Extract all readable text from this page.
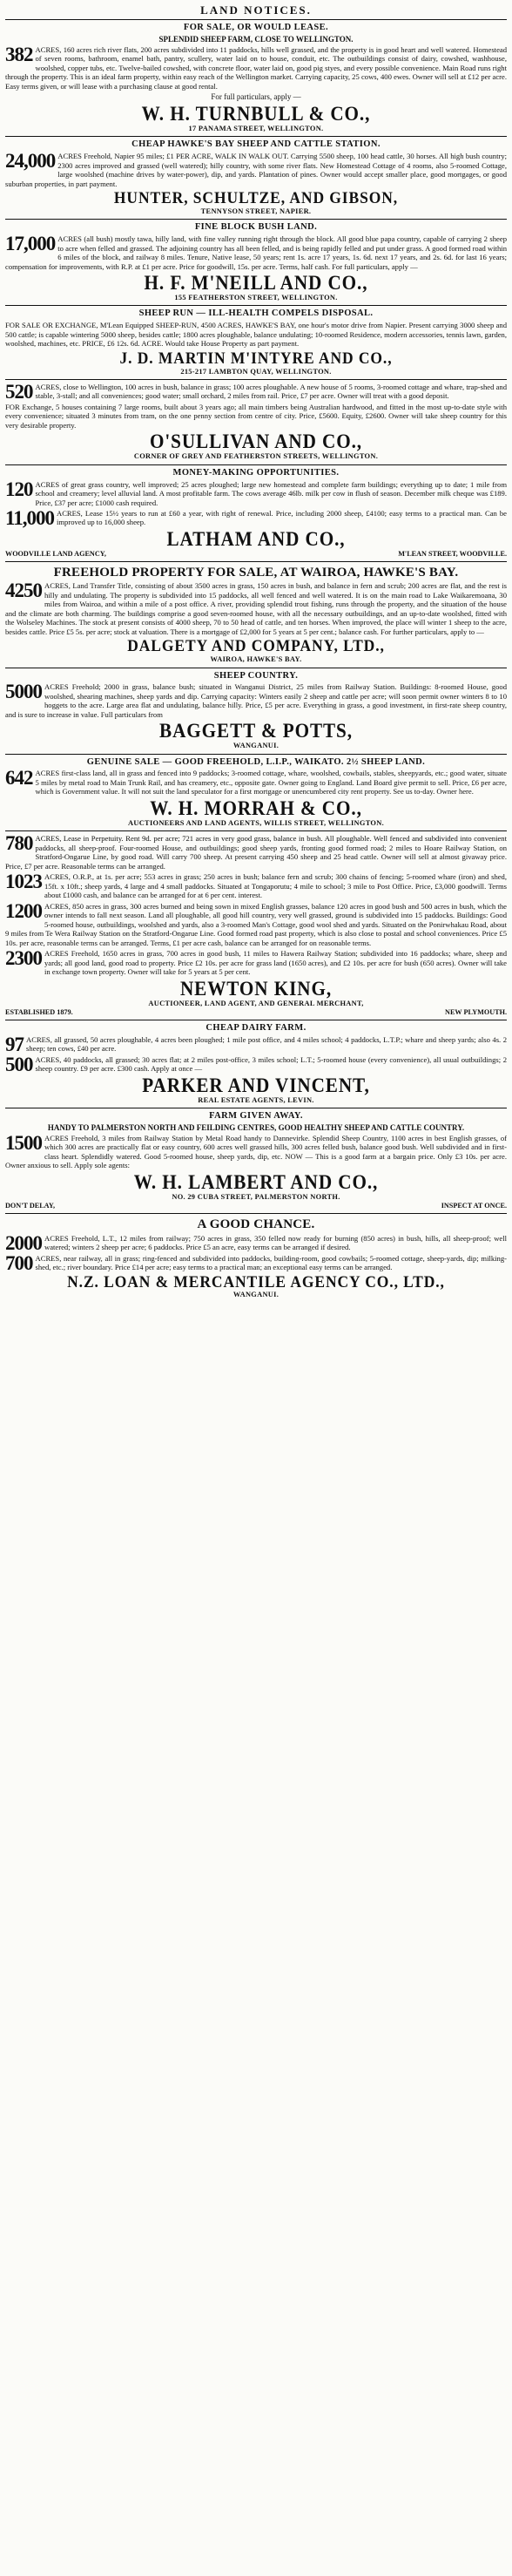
LAND NOTICES.
FOR SALE, OR WOULD LEASE.
SPLENDID SHEEP FARM, CLOSE TO WELLINGTON.
382 ACRES, 160 acres rich river flats, 200 acres subdivided into 11 paddocks, hills well grassed, and the property is in good heart and well watered. Homestead of seven rooms, bathroom, enamel bath, pantry, scullery, water laid on to house, conduit, etc. The outbuildings consist of dairy, cowshed, washhouse, woolshed, copper tubs, etc. Twelve-bailed cowshed, with concrete floor, water laid on, good pig styes, and every possible convenience. Main Road runs right through the property. This is an ideal farm property, within easy reach of the Wellington market. Carrying capacity, 25 cows, 400 ewes. Owner will sell at £12 per acre. Easy terms given, or will lease with a purchasing clause at good rental.
For full particulars, apply —
W. H. TURNBULL & CO.,
17 PANAMA STREET, WELLINGTON.
CHEAP HAWKE'S BAY SHEEP AND CATTLE STATION.
24,000 ACRES Freehold, Napier 95 miles; £1 PER ACRE, WALK IN WALK OUT. Carrying 5500 sheep, 100 head cattle, 30 horses. All high bush country; 2300 acres improved and grassed (well watered); hilly country, with some river flats. New Homestead Cottage of 4 rooms, also 5-roomed Cottage, large woolshed (machine drives by water-power), dip, and yards. Plantation of pines. Owner would accept smaller place, good mortgages, or good suburban properties, in part payment.
HUNTER, SCHULTZE, AND GIBSON,
TENNYSON STREET, NAPIER.
FINE BLOCK BUSH LAND.
17,000 ACRES (all bush) mostly tawa, hilly land, with fine valley running right through the block. All good blue papa country, capable of carrying 2 sheep to acre when felled and grassed. The adjoining country has all been felled, and is being rapidly felled and put under grass. A good formed road within 6 miles of the block, and railway 8 miles. Tenure, Native lease, 50 years; rent 1s. acre 17 years, 1s. 6d. next 17 years, and 2s. 6d. for last 16 years; compensation for improvements, with R.P. at £1 per acre. Price for goodwill, 15s. per acre. Terms, half cash. For full particulars, apply —
H. F. M'NEILL AND CO.,
155 FEATHERSTON STREET, WELLINGTON.
SHEEP RUN — ILL-HEALTH COMPELS DISPOSAL.
FOR SALE OR EXCHANGE, M'Lean Equipped SHEEP-RUN, 4500 ACRES, HAWKE'S BAY, one hour's motor drive from Napier. Present carrying 3000 sheep and 500 cattle; is capable wintering 5000 sheep, besides cattle; 1800 acres ploughable, balance undulating; 10-roomed Residence, modern accessories, tennis lawn, garden, woolshed, machines, etc. PRICE, £6 12s. 6d. ACRE. Would take House Property as part payment.
J. D. MARTIN M'INTYRE AND CO.,
215-217 LAMBTON QUAY, WELLINGTON.
520 ACRES, close to Wellington, 100 acres in bush, balance in grass; 100 acres ploughable. A new house of 5 rooms, 3-roomed cottage and whare, trap-shed and stable, 3-stall; and all conveniences; good water; small orchard, 2 miles from rail. Price, £7 per acre. Owner will treat with a good deposit.
FOR Exchange, 5 houses containing 7 large rooms, built about 3 years ago; all main timbers being Australian hardwood, and fitted in the most up-to-date style with every convenience; situated 3 minutes from tram, on the one penny section from centre of city. Price, £5600. Equity, £2600. Owner will take sheep country for this very desirable property.
O'SULLIVAN AND CO.,
CORNER OF GREY AND FEATHERSTON STREETS, WELLINGTON.
MONEY-MAKING OPPORTUNITIES.
120 ACRES of great grass country, well improved; 25 acres ploughed; large new homestead and complete farm buildings; everything up to date; 1 mile from school and creamery; level alluvial land. A most profitable farm. The cows average 46lb. milk per cow in flush of season. December milk cheque was £189. Price, £37 per acre; £1000 cash required.
11,000 ACRES, Lease 15½ years to run at £60 a year, with right of renewal. Price, including 2000 sheep, £4100; easy terms to a practical man. Can be improved up to 16,000 sheep.
LATHAM AND CO.,
WOODVILLE LAND AGENCY,	M'LEAN STREET, WOODVILLE.
FREEHOLD PROPERTY FOR SALE, AT WAIROA, HAWKE'S BAY.
4250 ACRES, Land Transfer Title, consisting of about 3500 acres in grass, 150 acres in bush, and balance in fern and scrub; 200 acres are flat, and the rest is hilly and undulating. The property is subdivided into 15 paddocks, all well fenced and well watered. It is on the main road to Lake Waikaremoana, 30 miles from Wairoa, and within a mile of a post office. A river, providing splendid trout fishing, runs through the property, and the situation of the house and the climate are both charming. The buildings comprise a good seven-roomed house, with all the necessary outbuildings, and an up-to-date woolshed, fitted with the Wolseley Machines. The stock at present consists of 4000 sheep, 70 to 50 head of cattle, and ten horses. When improved, the place will winter 1 sheep to the acre, besides cattle. Price £5 5s. per acre; stock at valuation. There is a mortgage of £2,000 for 5 years at 5 per cent.; balance cash. For further particulars, apply to —
DALGETY AND COMPANY, LTD.,
WAIROA, HAWKE'S BAY.
SHEEP COUNTRY.
5000 ACRES Freehold; 2000 in grass, balance bush; situated in Wanganui District, 25 miles from Railway Station. Buildings: 8-roomed House, good woolshed, shearing machines, sheep yards and dip. Carrying capacity: Winters easily 2 sheep and cattle per acre; will soon permit owner winters 8 to 10 hoggets to the acre. Large area flat and undulating, balance hilly. Price, £5 per acre. Everything in grass, a good investment, in first-rate sheep country, and is sure to increase in value. Full particulars from
BAGGETT & POTTS,
WANGANUI.
GENUINE SALE — GOOD FREEHOLD, L.I.P., WAIKATO. 2½ SHEEP LAND.
642 ACRES first-class land, all in grass and fenced into 9 paddocks; 3-roomed cottage, whare, woolshed, cowbails, stables, sheepyards, etc.; good water, situate 5 miles by metal road to Main Trunk Rail, and has creamery, etc., opposite gate. Owner going to England. Land Board give permit to sell. Price, £6 per acre, which is Government value. It will not suit the land speculator for a first mortgage or unencumbered city rent property. See us to-day. Owner here.
W. H. MORRAH & CO.,
AUCTIONEERS AND LAND AGENTS, WILLIS STREET, WELLINGTON.
780 ACRES, Lease in Perpetuity. Rent 9d. per acre; 721 acres in very good grass, balance in bush. All ploughable. Well fenced and subdivided into convenient paddocks, all sheep-proof. Four-roomed House, and outbuildings; good sheep yards, fronting good formed road; 2 miles to Hoare Railway Station, on Stratford-Ongarue Line, by good road. Will carry 700 sheep. At present carrying 450 sheep and 25 head cattle. Owner will sell at almost givaway price. Price, £7 per acre. Reasonable terms can be arranged.
1023 ACRES, O.R.P., at 1s. per acre; 553 acres in grass; 250 acres in bush; balance fern and scrub; 300 chains of fencing; 5-roomed whare (iron) and shed, 15ft. x 10ft.; sheep yards, 4 large and 4 small paddocks. Situated at Tongaporutu; 4 mile to school; 3 mile to Post Office. Price, £3,000 goodwill. Terms about £1000 cash, and balance can be arranged for at 6 per cent. interest.
1200 ACRES, 850 acres in grass, 300 acres burned and being sown in mixed English grasses, balance 120 acres in good bush and 500 acres in bush, which the owner intends to fall next season. Land all ploughable, all good hill country, very well grassed, ground is subdivided into 15 paddocks. Buildings: Good 5-roomed house, outbuildings, woolshed and yards, also a 3-roomed Man's Cottage, good wool shed and yards. Situated on the Ponirwhakau Road, about 9 miles from Te Wera Railway Station on the Stratford-Ongarue Line. Good formed road past property, which is also close to postal and school conveniences. Price £5 10s. per acre, reasonable terms can be arranged. Terms, £1 per acre cash, balance can be arranged for on reasonable terms.
2300 ACRES Freehold, 1650 acres in grass, 700 acres in good bush, 11 miles to Hawera Railway Station; subdivided into 16 paddocks; whare, sheep and yards; all good land, good road to property. Price £2 10s. per acre for grass land (1650 acres), and £2 10s. per acre for bush (650 acres). Owner will take in exchange town property. Owner will take for 5 years at 5 per cent.
NEWTON KING,
AUCTIONEER, LAND AGENT, AND GENERAL MERCHANT,
ESTABLISHED 1879.	NEW PLYMOUTH.
CHEAP DAIRY FARM.
97 ACRES, all grassed, 50 acres ploughable, 4 acres been ploughed; 1 mile post office, and 4 miles school; 4 paddocks, L.T.P.; whare and sheep yards; also 4s. 2 sheep; ten cows, £40 per acre.
500 ACRES, 40 paddocks, all grassed; 30 acres flat; at 2 miles post-office, 3 miles school; L.T.; 5-roomed house (every convenience), all usual outbuildings; 2 sheep country. £9 per acre. £300 cash. Apply at once —
PARKER AND VINCENT,
REAL ESTATE AGENTS, LEVIN.
FARM GIVEN AWAY.
HANDY TO PALMERSTON NORTH AND FEILDING CENTRES, GOOD HEALTHY SHEEP AND CATTLE COUNTRY.
1500 ACRES Freehold, 3 miles from Railway Station by Metal Road handy to Dannevirke. Splendid Sheep Country, 1100 acres in best English grasses, of which 300 acres are practically flat or easy country, 600 acres well grassed hills, 300 acres felled bush, balance good bush. Well subdivided and in first-class heart. Splendidly watered. Good 5-roomed house, sheep yards, dip, etc. NOW — This is a good farm at a bargain price. Only £3 10s. per acre. Owner anxious to sell. Apply sole agents:
W. H. LAMBERT AND CO.,
NO. 29 CUBA STREET, PALMERSTON NORTH.
DON'T DELAY,	INSPECT AT ONCE.
A GOOD CHANCE.
2000 ACRES Freehold, L.T., 12 miles from railway; 750 acres in grass, 350 felled now ready for burning (850 acres) in bush, hills, all sheep-proof; well watered; winters 2 sheep per acre; 6 paddocks. Price £5 an acre, easy terms can be arranged if desired.
700 ACRES, near railway, all in grass; ring-fenced and subdivided into paddocks, building-room, good cowbails; 5-roomed cottage, sheep-yards, dip; milking-shed, etc.; river boundary. Price £14 per acre; easy terms to a practical man; an exceptional easy terms can be arranged.
N.Z. LOAN & MERCANTILE AGENCY CO., LTD.,
WANGANUI.
